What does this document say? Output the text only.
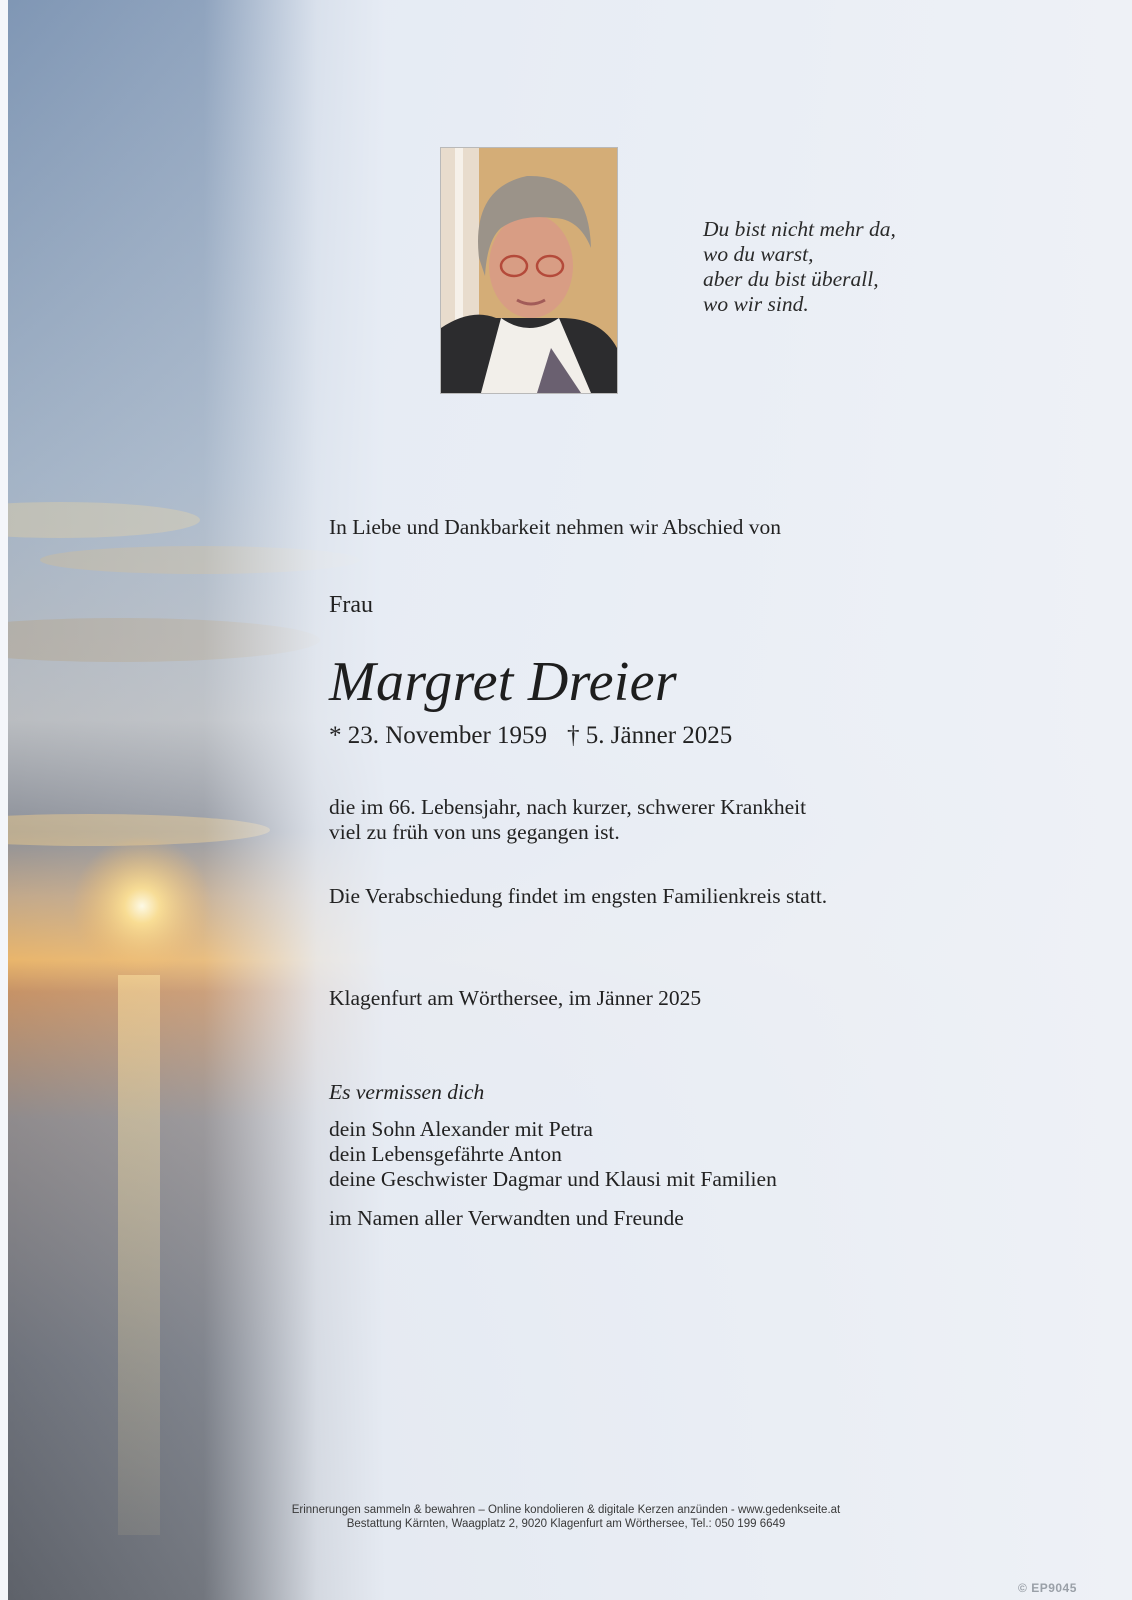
Du bist nicht mehr da,
wo du warst,
aber du bist überall,
wo wir sind.
In Liebe und Dankbarkeit nehmen wir Abschied von
Frau
Margret Dreier
* 23. November 1959 † 5. Jänner 2025
die im 66. Lebensjahr, nach kurzer, schwerer Krankheit
viel zu früh von uns gegangen ist.
Die Verabschiedung findet im engsten Familienkreis statt.
Klagenfurt am Wörthersee, im Jänner 2025
Es vermissen dich
dein Sohn Alexander mit Petra
dein Lebensgefährte Anton
deine Geschwister Dagmar und Klausi mit Familien
im Namen aller Verwandten und Freunde
Erinnerungen sammeln & bewahren – Online kondolieren & digitale Kerzen anzünden - www.gedenkseite.at
Bestattung Kärnten, Waagplatz 2, 9020 Klagenfurt am Wörthersee, Tel.: 050 199 6649
© EP9045
